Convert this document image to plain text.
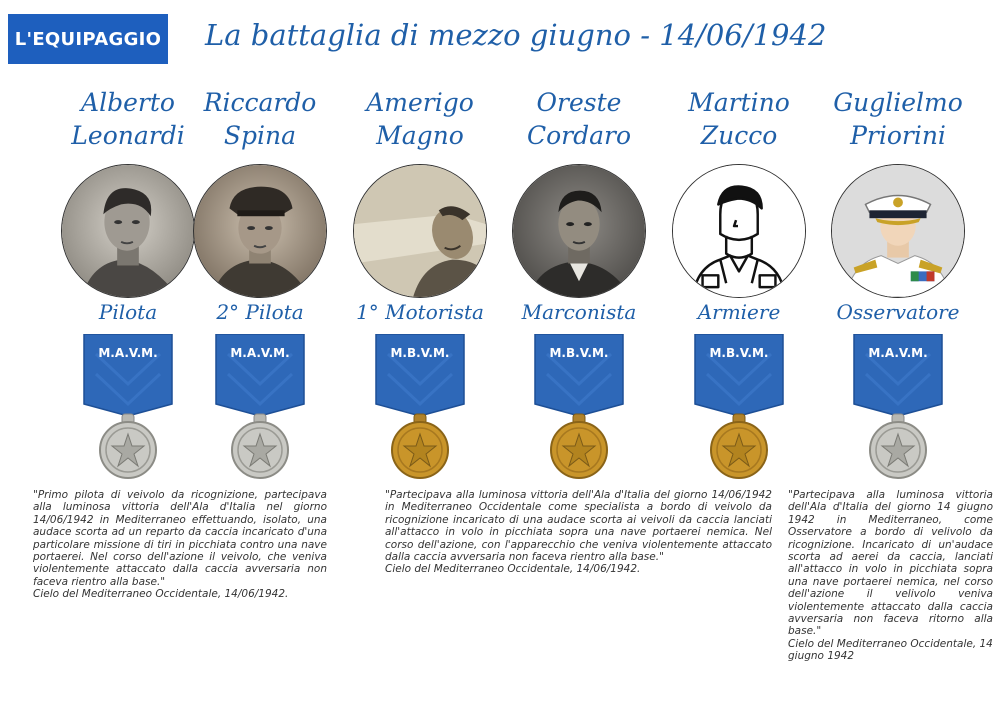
L'EQUIPAGGIO La battaglia di mezzo giugno - 14/06/1942
Alberto
Leonardi
Pilota
M.A.V.M.
Riccardo
Spina
2° Pilota
M.A.V.M.
Amerigo
Magno
1° Motorista
M.B.V.M.
Oreste
Cordaro
Marconista
M.B.V.M.
Martino
Zucco
Armiere
M.B.V.M.
Guglielmo
Priorini
Osservatore
M.A.V.M.

"Primo pilota di veivolo da ricognizione, partecipava alla luminosa vittoria dell'Ala d'Italia nel giorno 14/06/1942 in Mediterraneo effettuando, isolato, una audace scorta ad un reparto da caccia incaricato d'una particolare missione di tiri in picchiata contro una nave portaerei. Nel corso dell'azione il veivolo, che veniva violentemente attaccato dalla caccia avversaria non faceva rientro alla base."

Cielo del Mediterraneo Occidentale, 14/06/1942.

"Partecipava alla luminosa vittoria dell'Ala d'Italia del giorno 14/06/1942 in Mediterraneo Occidentale come specialista a bordo di veivolo da ricognizione incaricato di una audace scorta ai veivoli da caccia lanciati all'attacco in volo in picchiata sopra una nave portaerei nemica. Nel corso dell'azione, con l'apparecchio che veniva violentemente attaccato dalla caccia avversaria non faceva rientro alla base."

Cielo del Mediterraneo Occidentale, 14/06/1942.

"Partecipava alla luminosa vittoria dell'Ala d'Italia del giorno 14 giugno 1942 in Mediterraneo, come Osservatore a bordo di velivolo da ricognizione. Incaricato di un'audace scorta ad aerei da caccia, lanciati all'attacco in volo in picchiata sopra una nave portaerei nemica, nel corso dell'azione il velivolo veniva violentemente attaccato dalla caccia avversaria non faceva ritorno alla base."

Cielo del Mediterraneo Occidentale, 14 giugno 1942
